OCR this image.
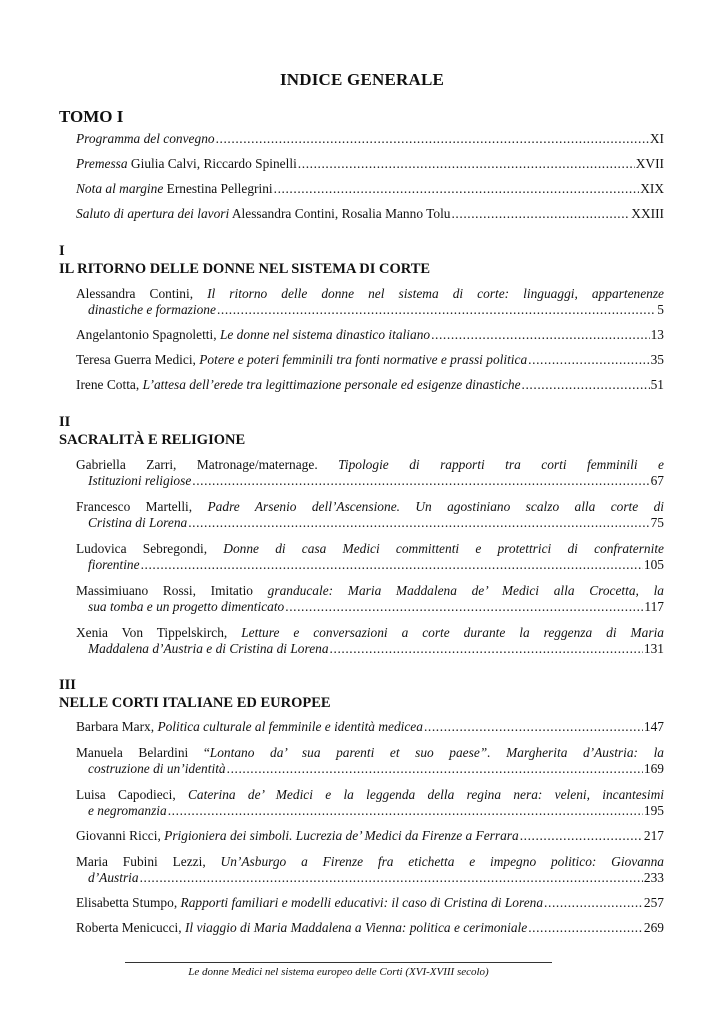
INDICE GENERALE
TOMO I
Programma del convegno .....	XI
Premessa Giulia Calvi, Riccardo Spinelli .....	XVII
Nota al margine Ernestina Pellegrini .....	XIX
Saluto di apertura dei lavori Alessandra Contini, Rosalia Manno Tolu .....	XXIII
I
IL RITORNO DELLE DONNE NEL SISTEMA DI CORTE
Alessandra Contini, Il ritorno delle donne nel sistema di corte: linguaggi, appartenenze
dinastiche e formazione .....	5
Angelantonio Spagnoletti, Le donne nel sistema dinastico italiano .....	13
Teresa Guerra Medici, Potere e poteri femminili tra fonti normative e prassi politica .....	35
Irene Cotta, L’attesa dell’erede tra legittimazione personale ed esigenze dinastiche .....	51
II
SACRALITÀ E RELIGIONE
Gabriella Zarri, Matronage/maternage. Tipologie di rapporti tra corti femminili e
Istituzioni religiose .....	67
Francesco Martelli, Padre Arsenio dell’Ascensione. Un agostiniano scalzo alla corte di
Cristina di Lorena .....	75
Ludovica Sebregondi, Donne di casa Medici committenti e protettrici di confraternite
fiorentine .....	105
Massimiuano Rossi, Imitatio granducale: Maria Maddalena de’ Medici alla Crocetta, la
sua tomba e un progetto dimenticato .....	117
Xenia Von Tippelskirch, Letture e conversazioni a corte durante la reggenza di Maria
Maddalena d’Austria e di Cristina di Lorena .....	131
III
NELLE CORTI ITALIANE ED EUROPEE
Barbara Marx, Politica culturale al femminile e identità medicea .....	147
Manuela Belardini “Lontano da’ sua parenti et suo paese”. Margherita d’Austria: la
costruzione di un’identità .....	169
Luisa Capodieci, Caterina de’ Medici e la leggenda della regina nera: veleni, incantesimi
e negromanzia .....	195
Giovanni Ricci, Prigioniera dei simboli. Lucrezia de’ Medici da Firenze a Ferrara .....	217
Maria Fubini Lezzi, Un’Asburgo a Firenze fra etichetta e impegno politico: Giovanna
d’Austria .....	233
Elisabetta Stumpo, Rapporti familiari e modelli educativi: il caso di Cristina di Lorena .....	257
Roberta Menicucci, Il viaggio di Maria Maddalena a Vienna: politica e cerimoniale .....	269
Le donne Medici nel sistema europeo delle Corti (XVI-XVIII secolo)
